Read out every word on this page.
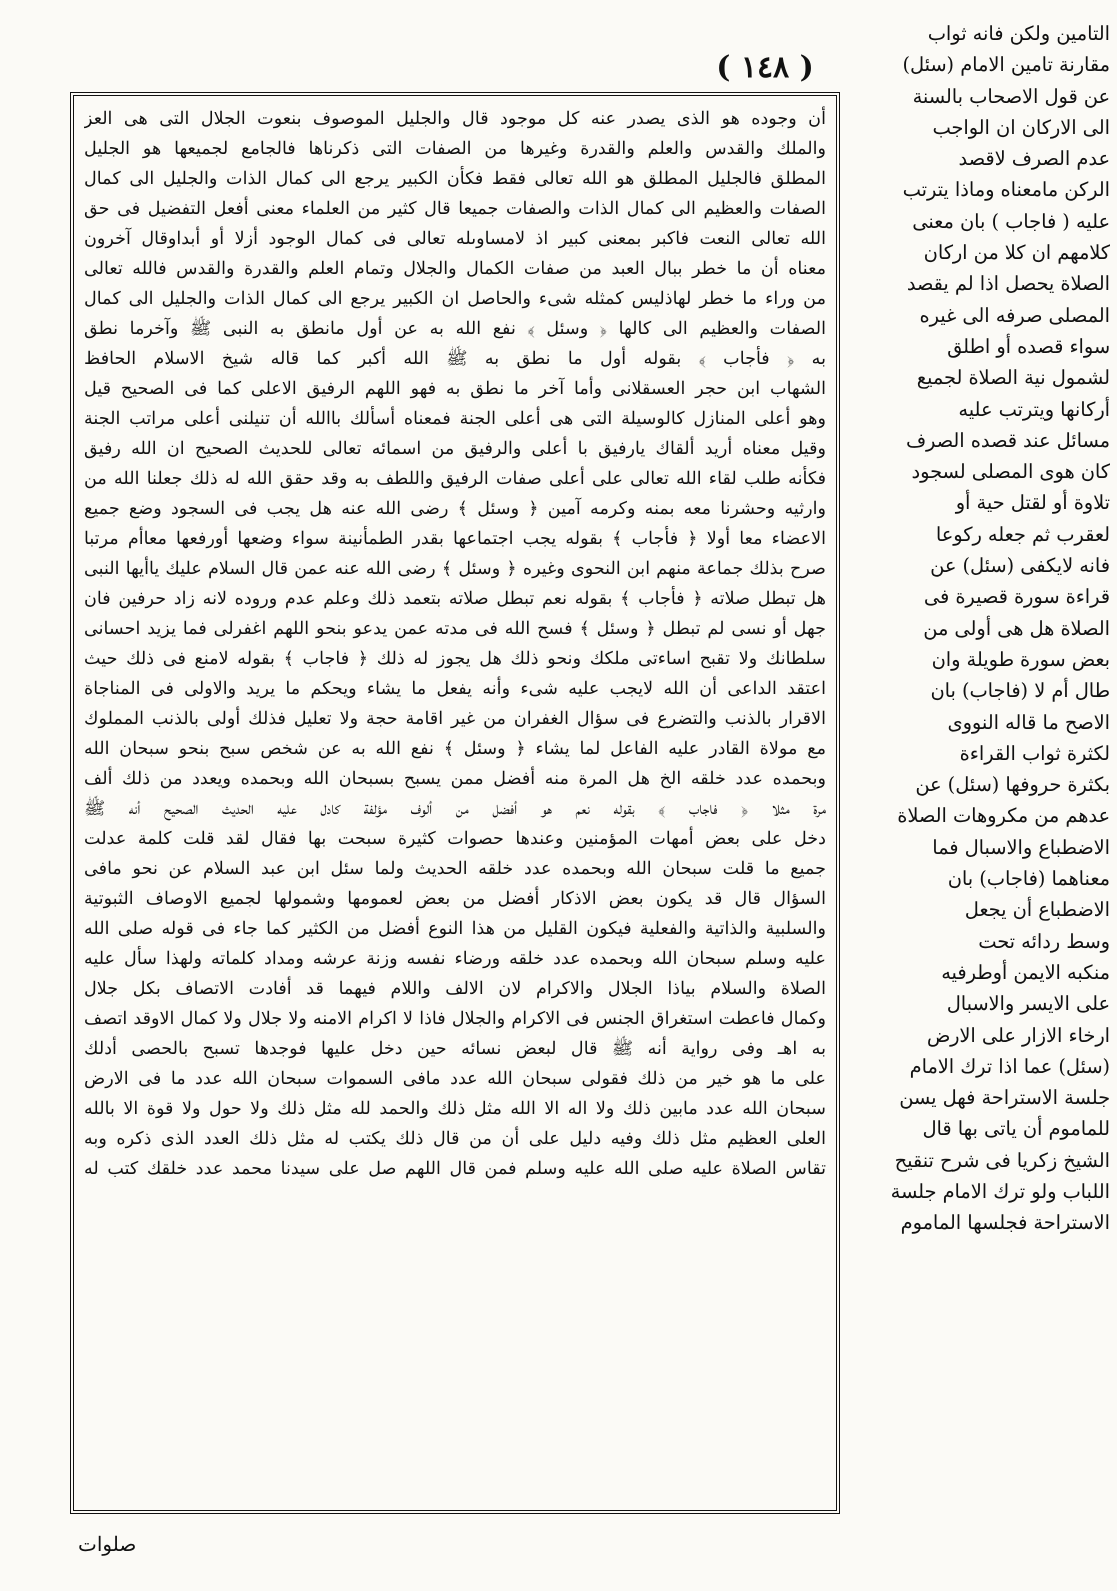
( ١٤٨ )
التامين ولكن فانه ثواب
مقارنة تامين الامام (سئل)
عن قول الاصحاب بالسنة
الى الاركان ان الواجب
عدم الصرف لاقصد
الركن مامعناه وماذا يترتب
عليه ( فاجاب ) بان معنى
كلامهم ان كلا من اركان
الصلاة يحصل اذا لم يقصد
المصلى صرفه الى غيره
سواء قصده أو اطلق
لشمول نية الصلاة لجميع
أركانها ويترتب عليه
مسائل عند قصده الصرف
كان هوى المصلى لسجود
تلاوة أو لقتل حية أو
لعقرب ثم جعله ركوعا
فانه لايكفى (سئل) عن
قراءة سورة قصيرة فى
الصلاة هل هى أولى من
بعض سورة طويلة وان
طال أم لا (فاجاب) بان
الاصح ما قاله النووى
لكثرة ثواب القراءة
بكثرة حروفها (سئل) عن
عدهم من مكروهات الصلاة
الاضطباع والاسبال فما
معناهما (فاجاب) بان
الاضطباع أن يجعل
وسط ردائه تحت
منكبه الايمن أوطرفيه
على الايسر والاسبال
ارخاء الازار على الارض
(سئل) عما اذا ترك الامام
جلسة الاستراحة فهل يسن
للماموم أن ياتى بها قال
الشيخ زكريا فى شرح تنقيح
اللباب ولو ترك الامام جلسة
الاستراحة فجلسها الماموم
أن وجوده هو الذى يصدر عنه كل موجود قال والجليل الموصوف بنعوت الجلال التى هى العز
والملك والقدس والعلم والقدرة وغيرها من الصفات التى ذكرناها فالجامع لجميعها هو الجليل
المطلق فالجليل المطلق هو الله تعالى فقط فكأن الكبير يرجع الى كمال الذات والجليل الى كمال
الصفات والعظيم الى كمال الذات والصفات جميعا قال كثير من العلماء معنى أفعل التفضيل فى حق
الله تعالى النعت فاكبر بمعنى كبير اذ لامساوىله تعالى فى كمال الوجود أزلا أو أبداوقال آخرون
معناه أن ما خطر ببال العبد من صفات الكمال والجلال وتمام العلم والقدرة والقدس فالله تعالى
من وراء ما خطر لهاذليس كمثله شىء والحاصل ان الكبير يرجع الى كمال الذات والجليل الى كمال
الصفات والعظيم الى كالها ﴿ وسئل ﴾ نفع الله به عن أول مانطق به النبى ﷺ وآخرما نطق
به ﴿ فأجاب ﴾ بقوله أول ما نطق به ﷺ الله أكبر كما قاله شيخ الاسلام الحافظ
الشهاب ابن حجر العسقلانى وأما آخر ما نطق به فهو اللهم الرفيق الاعلى كما فى الصحيح قيل
وهو أعلى المنازل كالوسيلة التى هى أعلى الجنة فمعناه أسألك باالله أن تنيلنى أعلى مراتب الجنة
وقيل معناه أريد ألقاك يارفيق با أعلى والرفيق من اسمائه تعالى للحديث الصحيح ان الله رفيق
فكأنه طلب لقاء الله تعالى على أعلى صفات الرفيق واللطف به وقد حقق الله له ذلك جعلنا الله من
وارثيه وحشرنا معه بمنه وكرمه آمين ﴿ وسئل ﴾ رضى الله عنه هل يجب فى السجود وضع جميع
الاعضاء معا أولا ﴿ فأجاب ﴾ بقوله يجب اجتماعها بقدر الطمأنينة سواء وضعها أورفعها معاأم مرتبا
صرح بذلك جماعة منهم ابن النحوى وغيره ﴿ وسئل ﴾ رضى الله عنه عمن قال السلام عليك ياأيها النبى
هل تبطل صلاته ﴿ فأجاب ﴾ بقوله نعم تبطل صلاته بتعمد ذلك وعلم عدم وروده لانه زاد حرفين فان
جهل أو نسى لم تبطل ﴿ وسئل ﴾ فسح الله فى مدته عمن يدعو بنحو اللهم اغفرلى فما يزيد احسانى
سلطانك ولا تقبح اساءتى ملكك ونحو ذلك هل يجوز له ذلك ﴿ فاجاب ﴾ بقوله لامنع فى ذلك حيث
اعتقد الداعى أن الله لايجب عليه شىء وأنه يفعل ما يشاء ويحكم ما يريد والاولى فى المناجاة
الاقرار بالذنب والتضرع فى سؤال الغفران من غير اقامة حجة ولا تعليل فذلك أولى بالذنب المملوك
مع مولاة القادر عليه الفاعل لما يشاء ﴿ وسئل ﴾ نفع الله به عن شخص سبح بنحو سبحان الله
وبحمده عدد خلقه الخ هل المرة منه أفضل ممن يسبح بسبحان الله وبحمده ويعدد من ذلك ألف
مرة مثلا ﴿ فاجاب ﴾ بقوله نعم هو أفضل من ألوف مؤلفة كادل عليه الحديث الصحيح أنه ﷺ
دخل على بعض أمهات المؤمنين وعندها حصوات كثيرة سبحت بها فقال لقد قلت كلمة عدلت
جميع ما قلت سبحان الله وبحمده عدد خلقه الحديث ولما سئل ابن عبد السلام عن نحو مافى
السؤال قال قد يكون بعض الاذكار أفضل من بعض لعمومها وشمولها لجميع الاوصاف الثبوتية
والسلبية والذاتية والفعلية فيكون القليل من هذا النوع أفضل من الكثير كما جاء فى قوله صلى الله
عليه وسلم سبحان الله وبحمده عدد خلقه ورضاء نفسه وزنة عرشه ومداد كلماته ولهذا سأل عليه
الصلاة والسلام بياذا الجلال والاكرام لان الالف واللام فيهما قد أفادت الاتصاف بكل جلال
وكمال فاعطت استغراق الجنس فى الاكرام والجلال فاذا لا اكرام الامنه ولا جلال ولا كمال الاوقد اتصف
به اهـ وفى رواية أنه ﷺ قال لبعض نسائه حين دخل عليها فوجدها تسبح بالحصى أدلك
على ما هو خير من ذلك فقولى سبحان الله عدد مافى السموات سبحان الله عدد ما فى الارض
سبحان الله عدد مابين ذلك ولا اله الا الله مثل ذلك والحمد لله مثل ذلك ولا حول ولا قوة الا بالله
العلى العظيم مثل ذلك وفيه دليل على أن من قال ذلك يكتب له مثل ذلك العدد الذى ذكره وبه
تقاس الصلاة عليه صلى الله عليه وسلم فمن قال اللهم صل على سيدنا محمد عدد خلقك كتب له
صلوات
